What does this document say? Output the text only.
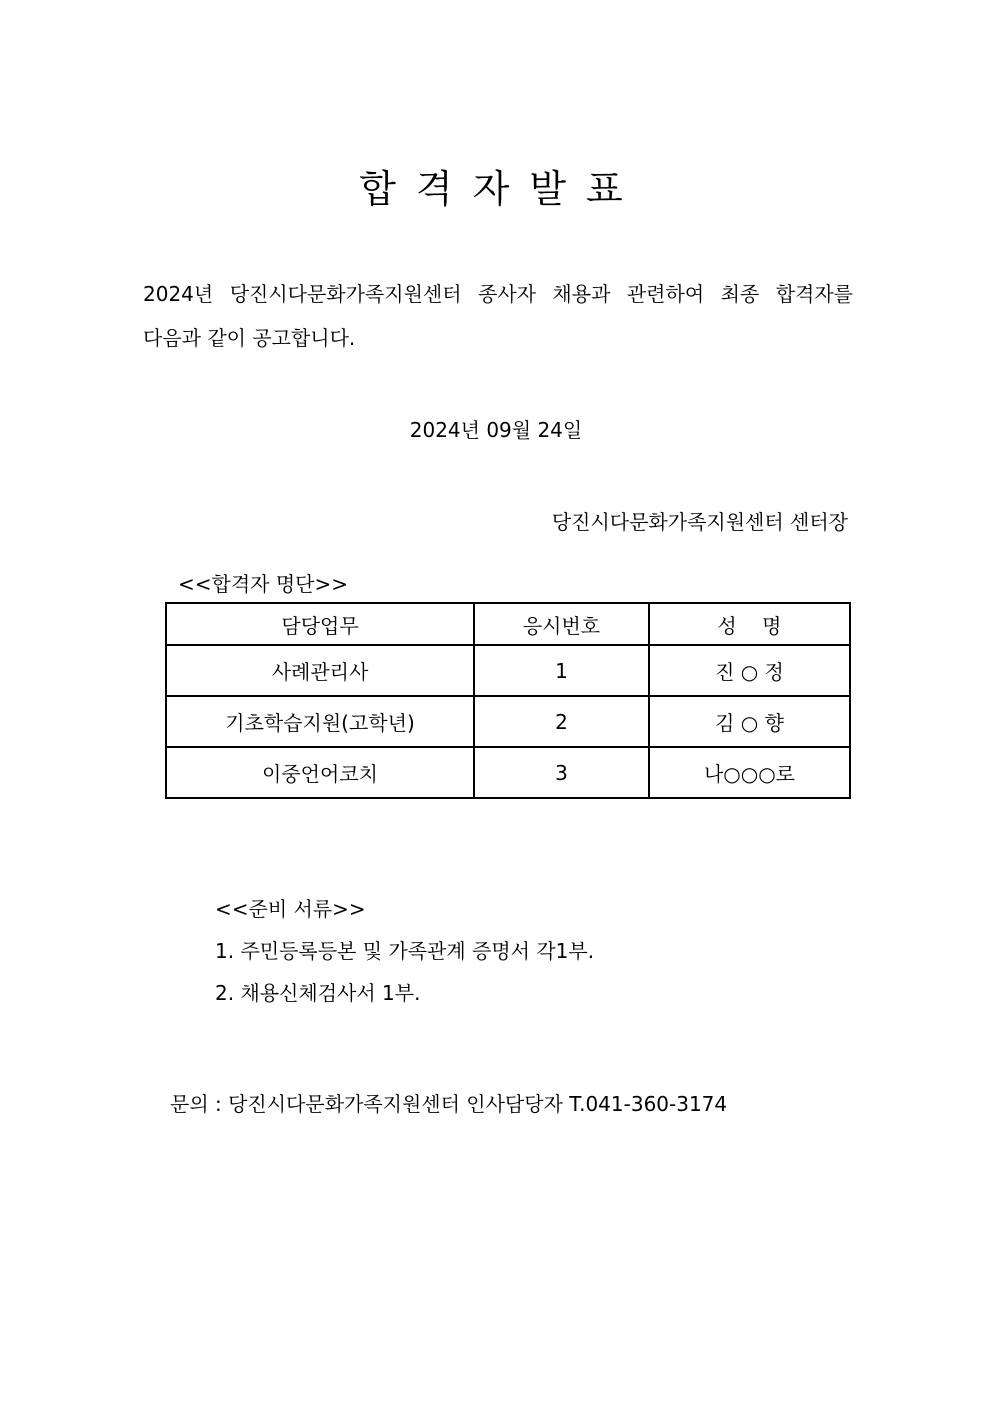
합격자발표
2024년 당진시다문화가족지원센터 종사자 채용과 관련하여 최종 합격자를
다음과 같이 공고합니다.
2024년 09월 24일
당진시다문화가족지원센터 센터장
<<합격자 명단>>
담당업무	응시번호	성    명
사례관리사	1	진 ○ 정
기초학습지원(고학년)	2	김 ○ 향
이중언어코치	3	나○○○로
<<준비 서류>>
1. 주민등록등본 및 가족관계 증명서 각1부.
2. 채용신체검사서 1부.
문의 : 당진시다문화가족지원센터 인사담당자 T.041-360-3174
